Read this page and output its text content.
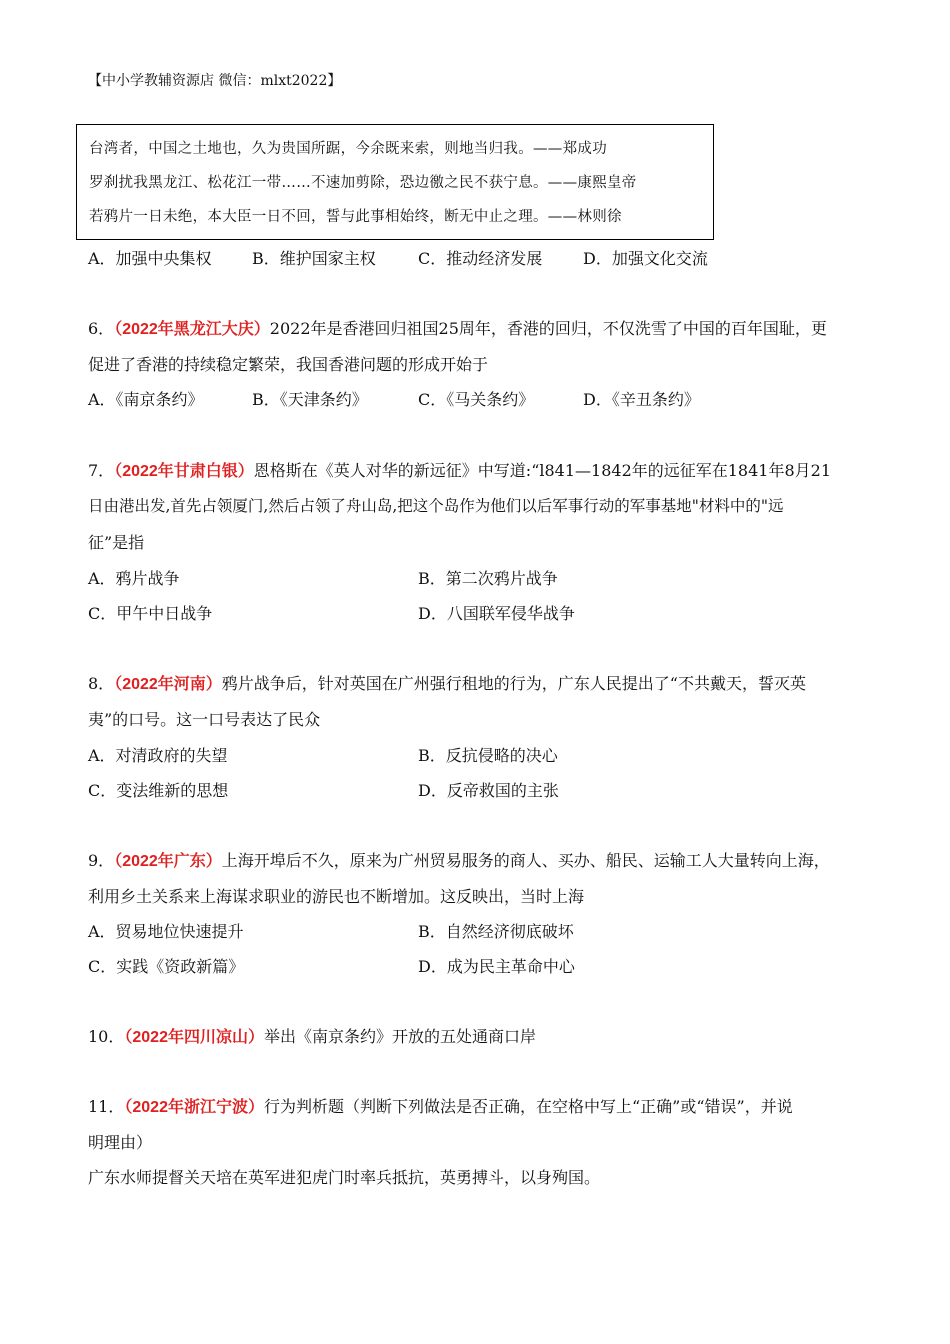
【中小学教辅资源店 微信：mlxt2022】
台湾者，中国之土地也，久为贵国所踞，今余既来索，则地当归我。——郑成功
罗刹扰我黑龙江、松花江一带……不速加剪除，恐边徼之民不获宁息。——康熙皇帝
若鸦片一日未绝，本大臣一日不回，誓与此事相始终，断无中止之理。——林则徐
A．加强中央集权	B．维护国家主权	C．推动经济发展	D．加强文化交流
6．（2022年黑龙江大庆）2022年是香港回归祖国25周年，香港的回归，不仅洗雪了中国的百年国耻，更
促进了香港的持续稳定繁荣，我国香港问题的形成开始于
A．《南京条约》	B．《天津条约》	C．《马关条约》	D．《辛丑条约》
7．（2022年甘肃白银）恩格斯在《英人对华的新远征》中写道:“l841—1842年的远征军在1841年8月21
日由港出发,首先占领厦门,然后占领了舟山岛,把这个岛作为他们以后军事行动的军事基地"材料中的"远
征”是指
A．鸦片战争	B．第二次鸦片战争
C．甲午中日战争	D．八国联军侵华战争
8．（2022年河南）鸦片战争后，针对英国在广州强行租地的行为，广东人民提出了“不共戴天，誓灭英
夷”的口号。这一口号表达了民众
A．对清政府的失望	B．反抗侵略的决心
C．变法维新的思想	D．反帝救国的主张
9．（2022年广东）上海开埠后不久，原来为广州贸易服务的商人、买办、船民、运输工人大量转向上海，
利用乡土关系来上海谋求职业的游民也不断增加。这反映出，当时上海
A．贸易地位快速提升	B．自然经济彻底破坏
C．实践《资政新篇》	D．成为民主革命中心
10．（2022年四川凉山）举出《南京条约》开放的五处通商口岸
11．（2022年浙江宁波）行为判析题（判断下列做法是否正确，在空格中写上“正确”或“错误”，并说
明理由）
广东水师提督关天培在英军进犯虎门时率兵抵抗，英勇搏斗，以身殉国。
